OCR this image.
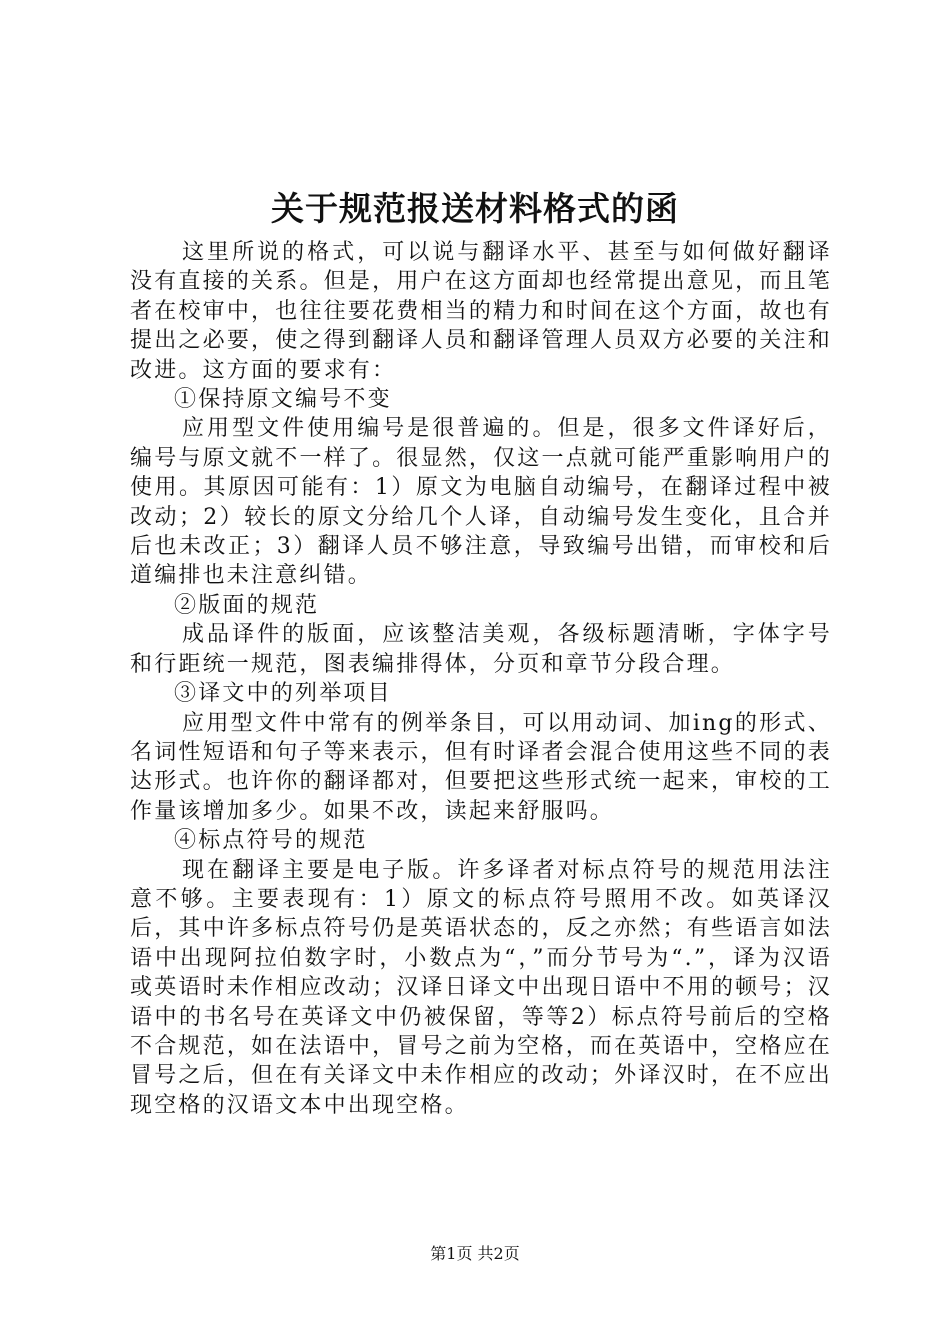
关于规范报送材料格式的函

这里所说的格式，可以说与翻译水平、甚至与如何做好翻译没有直接的关系。但是，用户在这方面却也经常提出意见，而且笔者在校审中，也往往要花费相当的精力和时间在这个方面，故也有提出之必要，使之得到翻译人员和翻译管理人员双方必要的关注和改进。这方面的要求有：

①保持原文编号不变

应用型文件使用编号是很普遍的。但是，很多文件译好后，编号与原文就不一样了。很显然，仅这一点就可能严重影响用户的使用。其原因可能有：1）原文为电脑自动编号，在翻译过程中被改动；2）较长的原文分给几个人译，自动编号发生变化，且合并后也未改正；3）翻译人员不够注意，导致编号出错，而审校和后道编排也未注意纠错。

②版面的规范

成品译件的版面，应该整洁美观，各级标题清晰，字体字号和行距统一规范，图表编排得体，分页和章节分段合理。

③译文中的列举项目

应用型文件中常有的例举条目，可以用动词、加ing的形式、名词性短语和句子等来表示，但有时译者会混合使用这些不同的表达形式。也许你的翻译都对，但要把这些形式统一起来，审校的工作量该增加多少。如果不改，读起来舒服吗。

④标点符号的规范

现在翻译主要是电子版。许多译者对标点符号的规范用法注意不够。主要表现有：1）原文的标点符号照用不改。如英译汉后，其中许多标点符号仍是英语状态的，反之亦然；有些语言如法语中出现阿拉伯数字时，小数点为“，”而分节号为“.”，译为汉语或英语时未作相应改动；汉译日译文中出现日语中不用的顿号；汉语中的书名号在英译文中仍被保留，等等2）标点符号前后的空格不合规范，如在法语中，冒号之前为空格，而在英语中，空格应在冒号之后，但在有关译文中未作相应的改动；外译汉时，在不应出现空格的汉语文本中出现空格。

第1页 共2页
